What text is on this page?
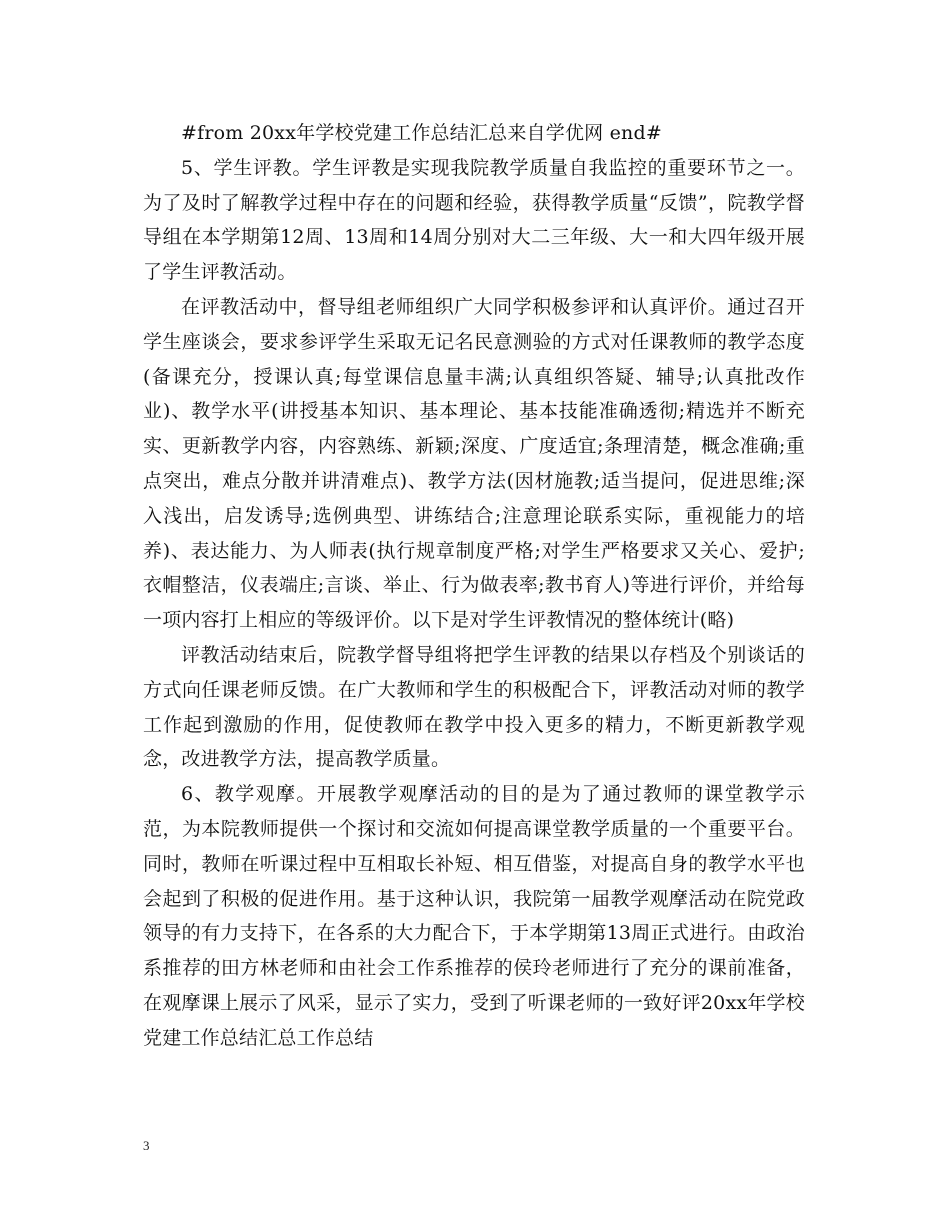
#from 20xx年学校党建工作总结汇总来自学优网 end#

5、学生评教。学生评教是实现我院教学质量自我监控的重要环节之一。为了及时了解教学过程中存在的问题和经验，获得教学质量“反馈”，院教学督导组在本学期第12周、13周和14周分别对大二三年级、大一和大四年级开展了学生评教活动。

在评教活动中，督导组老师组织广大同学积极参评和认真评价。通过召开学生座谈会，要求参评学生采取无记名民意测验的方式对任课教师的教学态度(备课充分，授课认真;每堂课信息量丰满;认真组织答疑、辅导;认真批改作业)、教学水平(讲授基本知识、基本理论、基本技能准确透彻;精选并不断充实、更新教学内容，内容熟练、新颖;深度、广度适宜;条理清楚，概念准确;重点突出，难点分散并讲清难点)、教学方法(因材施教;适当提问，促进思维;深入浅出，启发诱导;选例典型、讲练结合;注意理论联系实际，重视能力的培养)、表达能力、为人师表(执行规章制度严格;对学生严格要求又关心、爱护;衣帽整洁，仪表端庄;言谈、举止、行为做表率;教书育人)等进行评价，并给每一项内容打上相应的等级评价。以下是对学生评教情况的整体统计(略)

评教活动结束后，院教学督导组将把学生评教的结果以存档及个别谈话的方式向任课老师反馈。在广大教师和学生的积极配合下，评教活动对师的教学工作起到激励的作用，促使教师在教学中投入更多的精力，不断更新教学观念，改进教学方法，提高教学质量。

6、教学观摩。开展教学观摩活动的目的是为了通过教师的课堂教学示范，为本院教师提供一个探讨和交流如何提高课堂教学质量的一个重要平台。同时，教师在听课过程中互相取长补短、相互借鉴，对提高自身的教学水平也会起到了积极的促进作用。基于这种认识，我院第一届教学观摩活动在院党政领导的有力支持下，在各系的大力配合下，于本学期第13周正式进行。由政治系推荐的田方林老师和由社会工作系推荐的侯玲老师进行了充分的课前准备，在观摩课上展示了风采，显示了实力，受到了听课老师的一致好评20xx年学校党建工作总结汇总工作总结

3
